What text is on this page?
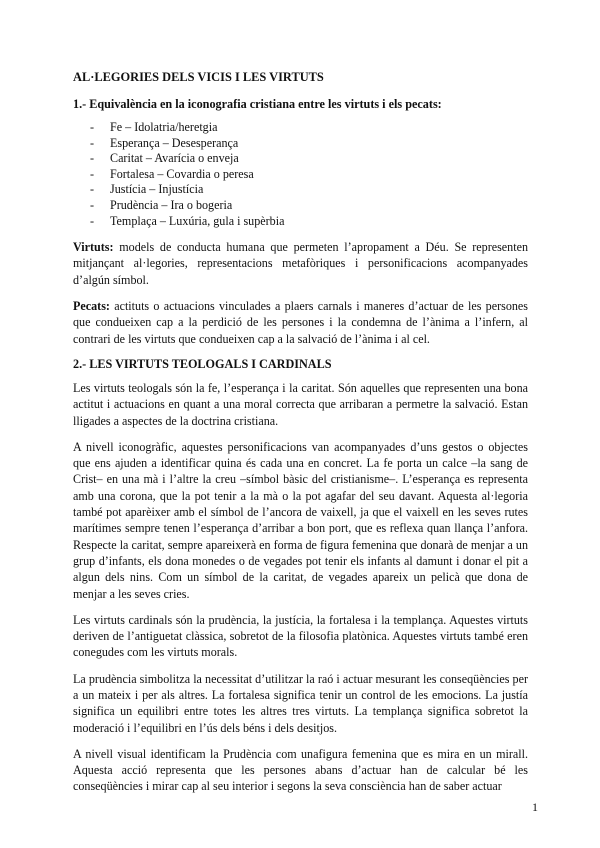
AL·LEGORIES DELS VICIS I LES VIRTUTS
1.- Equivalència en la iconografia cristiana entre les virtuts i els pecats:
-	Fe – Idolatria/heretgia
-	Esperança – Desesperança
-	Caritat – Avarícia o enveja
-	Fortalesa – Covardia o peresa
-	Justícia – Injustícia
-	Prudència – Ira o bogeria
-	Templaça – Luxúria, gula i supèrbia

Virtuts: models de conducta humana que permeten l’apropament a Déu. Se representen mitjançant al·legories, representacions metafòriques i personificacions acompanyades d’algún símbol.

Pecats: actituts o actuacions vinculades a plaers carnals i maneres d’actuar de les persones que condueixen cap a la perdició de les persones i la condemna de l’ànima a l’infern, al contrari de les virtuts que condueixen cap a la salvació de l’ànima i al cel.

2.- LES VIRTUTS TEOLOGALS I CARDINALS

Les virtuts teologals són la fe, l’esperança i la caritat. Són aquelles que representen una bona actitut i actuacions en quant a una moral correcta que arribaran a permetre la salvació. Estan lligades a aspectes de la doctrina cristiana.

A nivell iconogràfic, aquestes personificacions van acompanyades d’uns gestos o objectes que ens ajuden a identificar quina és cada una en concret. La fe porta un calce –la sang de Crist– en una mà i l’altre la creu –símbol bàsic del cristianisme–. L’esperança es representa amb una corona, que la pot tenir a la mà o la pot agafar del seu davant. Aquesta al·legoria també pot aparèixer amb el símbol de l’ancora de vaixell, ja que el vaixell en les seves rutes marítimes sempre tenen l’esperança d’arribar a bon port, que es reflexa quan llança l’anfora. Respecte la caritat, sempre apareixerà en forma de figura femenina que donarà de menjar a un grup d’infants, els dona monedes o de vegades pot tenir els infants al damunt i donar el pit a algun dels nins. Com un símbol de la caritat, de vegades apareix un pelicà que dona de menjar a les seves cries.

Les virtuts cardinals són la prudència, la justícia, la fortalesa i la templança. Aquestes virtuts deriven de l’antiguetat clàssica, sobretot de la filosofia platònica. Aquestes virtuts també eren conegudes com les virtuts morals.

La prudència simbolitza la necessitat d’utilitzar la raó i actuar mesurant les conseqüències per a un mateix i per als altres. La fortalesa significa tenir un control de les emocions. La justía significa un equilibri entre totes les altres tres virtuts. La templança significa sobretot la moderació i l’equilibri en l’ús dels béns i dels desitjos.

A nivell visual identificam la Prudència com unafigura femenina que es mira en un mirall. Aquesta acció representa que les persones abans d’actuar han de calcular bé les conseqüències i mirar cap al seu interior i segons la seva consciència han de saber actuar

1
